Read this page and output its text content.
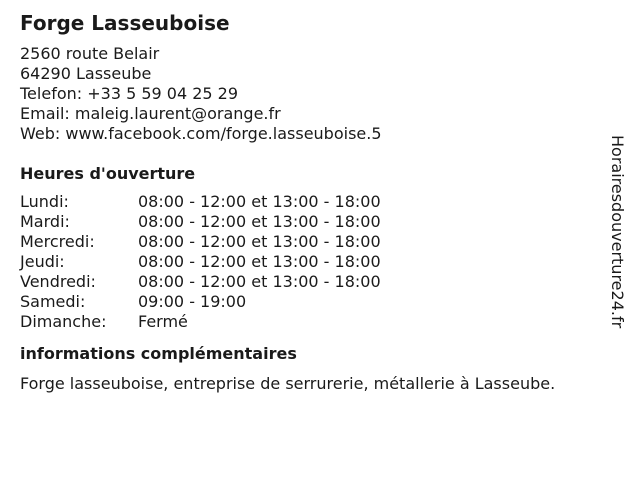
Forge Lasseuboise
2560 route Belair
64290 Lasseube
Telefon: +33 5 59 04 25 29
Email: maleig.laurent@orange.fr
Web: www.facebook.com/forge.lasseuboise.5
Heures d'ouverture
Lundi:	08:00 - 12:00 et 13:00 - 18:00
Mardi:	08:00 - 12:00 et 13:00 - 18:00
Mercredi:	08:00 - 12:00 et 13:00 - 18:00
Jeudi:	08:00 - 12:00 et 13:00 - 18:00
Vendredi:	08:00 - 12:00 et 13:00 - 18:00
Samedi:	09:00 - 19:00
Dimanche:	Fermé
informations complémentaires
Forge lasseuboise, entreprise de serrurerie, métallerie à Lasseube.
Horairesdouverture24.fr
